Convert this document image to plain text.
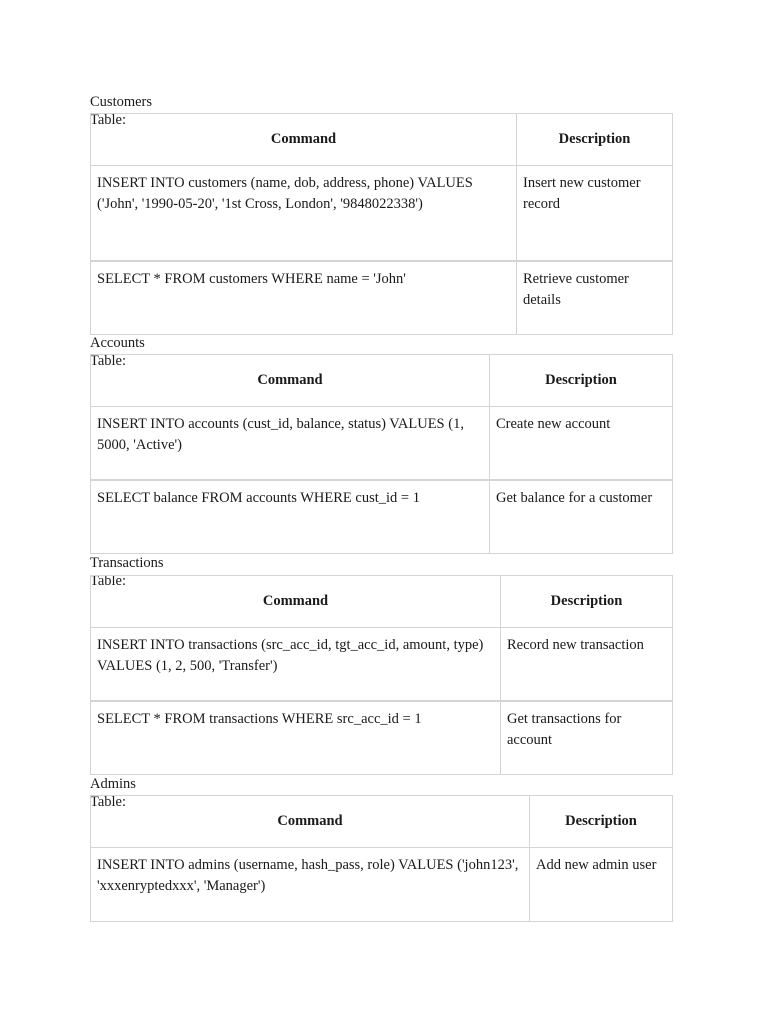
Customers Table:
Command	Description
INSERT INTO customers (name, dob, address, phone) VALUES ('John', '1990-05-20', '1st Cross, London', '9848022338')	Insert new customer record
SELECT * FROM customers WHERE name = 'John'	Retrieve customer details
Accounts Table:
Command	Description
INSERT INTO accounts (cust_id, balance, status) VALUES (1, 5000, 'Active')	Create new account
SELECT balance FROM accounts WHERE cust_id = 1	Get balance for a customer
Transactions Table:
Command	Description
INSERT INTO transactions (src_acc_id, tgt_acc_id, amount, type) VALUES (1, 2, 500, 'Transfer')	Record new transaction
SELECT * FROM transactions WHERE src_acc_id = 1	Get transactions for account
Admins Table:
Command	Description
INSERT INTO admins (username, hash_pass, role) VALUES ('john123', 'xxxenryptedxxx', 'Manager')	Add new admin user
